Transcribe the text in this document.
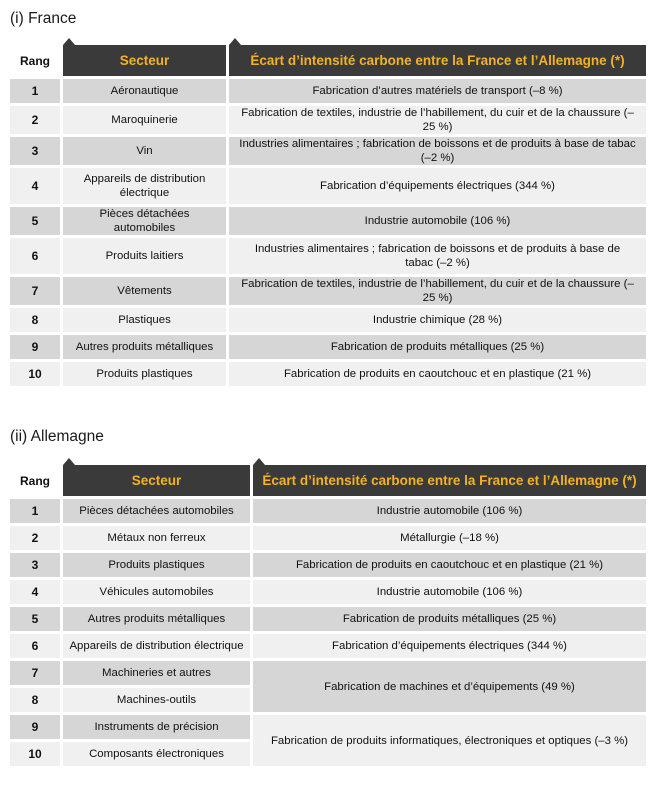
(i) France
Rang	Secteur	Écart d’intensité carbone entre la France et l’Allemagne (*)
1	Aéronautique	Fabrication d’autres matériels de transport (–8 %)
2	Maroquinerie	Fabrication de textiles, industrie de l’habillement, du cuir et de la chaussure (–25 %)
3	Vin	Industries alimentaires ; fabrication de boissons et de produits à base de tabac (–2 %)
4	Appareils de distribution électrique	Fabrication d’équipements électriques (344 %)
5	Pièces détachées automobiles	Industrie automobile (106 %)
6	Produits laitiers	Industries alimentaires ; fabrication de boissons et de produits à base de tabac (–2 %)
7	Vêtements	Fabrication de textiles, industrie de l’habillement, du cuir et de la chaussure (–25 %)
8	Plastiques	Industrie chimique (28 %)
9	Autres produits métalliques	Fabrication de produits métalliques (25 %)
10	Produits plastiques	Fabrication de produits en caoutchouc et en plastique (21 %)
(ii) Allemagne
Rang	Secteur	Écart d’intensité carbone entre la France et l’Allemagne (*)
1	Pièces détachées automobiles	Industrie automobile (106 %)
2	Métaux non ferreux	Métallurgie (–18 %)
3	Produits plastiques	Fabrication de produits en caoutchouc et en plastique (21 %)
4	Véhicules automobiles	Industrie automobile (106 %)
5	Autres produits métalliques	Fabrication de produits métalliques (25 %)
6	Appareils de distribution électrique	Fabrication d’équipements électriques (344 %)
7	Machineries et autres	Fabrication de machines et d’équipements (49 %)
8	Machines-outils	
9	Instruments de précision	Fabrication de produits informatiques, électroniques et optiques (–3 %)
10	Composants électroniques	
